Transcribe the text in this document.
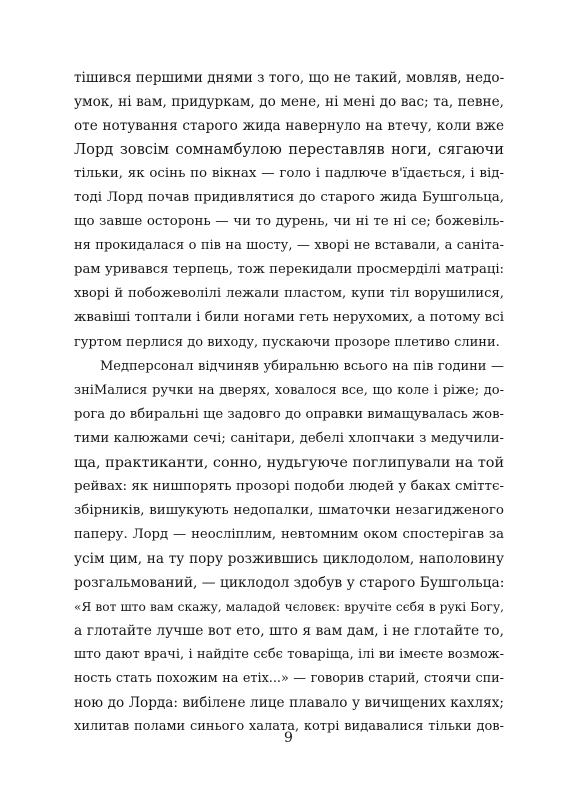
тішився першими днями з того, що не такий, мовляв, недо-
умок, ні вам, придуркам, до мене, ні мені до вас; та, певне,
оте нотування старого жида навернуло на втечу, коли вже
Лорд зовсім сомнамбулою переставляв ноги, сягаючи
тільки, як осінь по вікнах — голо і падлюче в'їдається, і від-
тоді Лорд почав придивлятися до старого жида Бушгольца,
що завше осторонь — чи то дурень, чи ні те ні се; божевіль-
ня прокидалася о пів на шосту, — хворі не вставали, а саніта-
рам уривався терпець, тож перекидали просмерділі матраці:
хворі й побожеволілі лежали пластом, купи тіл ворушилися,
жвавіші топтали і били ногами геть нерухомих, а потому всі
гуртом перлися до виходу, пускаючи прозоре плетиво слини.
Медперсонал відчиняв убиральню всього на пів години —
зніМалися ручки на дверях, ховалося все, що коле і ріже; до-
рога до вбиральні ще задовго до оправки вимащувалась жов-
тими калюжами сечі; санітари, дебелі хлопчаки з медучили-
ща, практиканти, сонно, нудьгуюче поглипували на той
рейвах: як нишпорять прозорі подоби людей у баках сміттє-
збірників, вишукують недопалки, шматочки незагидженого
паперу. Лорд — неосліплим, невтомним оком спостерігав за
усім цим, на ту пору розжившись циклодолом, наполовину
розгальмований, — циклодол здобув у старого Бушгольца:
«Я вот што вам скажу, маладой чєловєк: вручіте сєбя в рукі Богу,
а глотайте лучше вот ето, што я вам дам, і не глотайте то,
што дают врачі, і найдіте сєбє товаріща, ілі ви імеєте возмож-
ность стать похожим на етіх...» — говорив старий, стоячи спи-
ною до Лорда: вибілене лице плавало у вичищених кахлях;
хилитав полами синього халата, котрі видавалися тільки дов-
9
